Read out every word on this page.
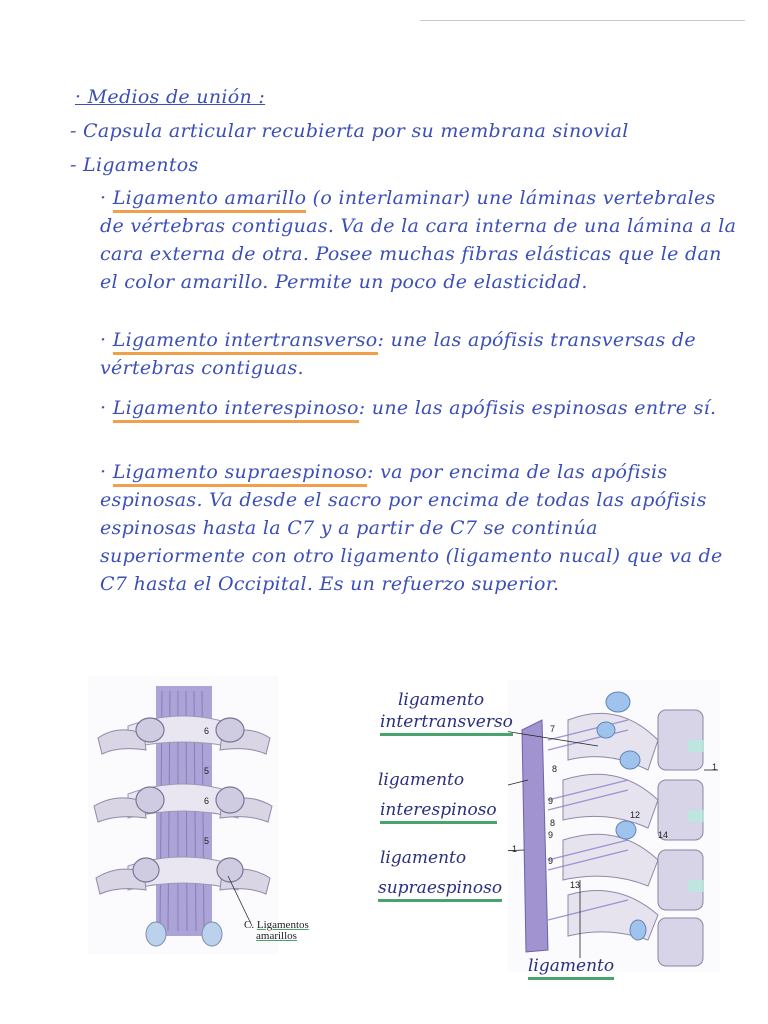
· Medios de unión :
- Capsula articular recubierta por su membrana sinovial
- Ligamentos
· Ligamento amarillo (o interlaminar) une láminas vertebrales de vértebras contiguas. Va de la cara interna de una lámina a la cara externa de otra. Posee muchas fibras elásticas que le dan el color amarillo. Permite un poco de elasticidad.
· Ligamento intertransverso: une las apófisis transversas de vértebras contiguas.
· Ligamento interespinoso: une las apófisis espinosas entre sí.
· Ligamento supraespinoso: va por encima de las apófisis espinosas. Va desde el sacro por encima de todas las apófisis espinosas hasta la C7 y a partir de C7 se continúa superiormente con otro ligamento (ligamento nucal) que va de C7 hasta el Occipital. Es un refuerzo superior.
6
6
5
5
C. Ligamentos
amarillos
7
8
9
8
9
1
9
12
13
14
1
ligamento
intertransverso
ligamento
interespinoso
ligamento
supraespinoso
ligamento
